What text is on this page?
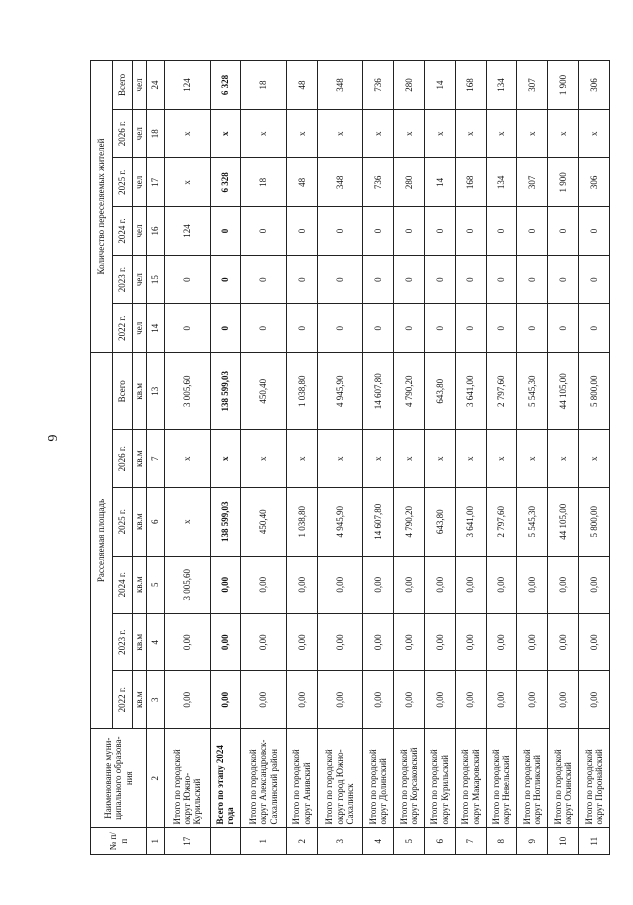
6
№ п/п	Наименование муни-ципального образова-ния	Расселяемая площадь						Количество переселяемых жителей					
		2022 г.	2023 г.	2024 г.	2025 г.	2026 г.	Всего	2022 г.	2023 г.	2024 г.	2025 г.	2026 г.	Всего
		кв.м	кв.м	кв.м	кв.м	кв.м	кв.м	чел	чел	чел	чел	чел	чел
1	2	3	4	5	6	7	13	14	15	16	17	18	24
17	Итого по городской округ Южно-Курильский	0,00	0,00	3 005,60	x	x	3 005,60	0	0	124	x	x	124
	Всего по этапу 2024 года	0,00	0,00	0,00	138 599,03	x	138 599,03	0	0	0	6 328	x	6 328
1	Итого по городской округ Александровск-Сахалинский район	0,00	0,00	0,00	450,40	x	450,40	0	0	0	18	x	18
2	Итого по городской округ Анивский	0,00	0,00	0,00	1 038,80	x	1 038,80	0	0	0	48	x	48
3	Итого по городской округ город Южно-Сахалинск	0,00	0,00	0,00	4 945,90	x	4 945,90	0	0	0	348	x	348
4	Итого по городской округ Долинский	0,00	0,00	0,00	14 607,80	x	14 607,80	0	0	0	736	x	736
5	Итого по городской округ Корсаковский	0,00	0,00	0,00	4 790,20	x	4 790,20	0	0	0	280	x	280
6	Итого по городской округ Курильский	0,00	0,00	0,00	643,80	x	643,80	0	0	0	14	x	14
7	Итого по городской округ Макаровский	0,00	0,00	0,00	3 641,00	x	3 641,00	0	0	0	168	x	168
8	Итого по городской округ Невельский	0,00	0,00	0,00	2 797,60	x	2 797,60	0	0	0	134	x	134
9	Итого по городской округ Ногликский	0,00	0,00	0,00	5 545,30	x	5 545,30	0	0	0	307	x	307
10	Итого по городской округ Охинский	0,00	0,00	0,00	44 105,00	x	44 105,00	0	0	0	1 900	x	1 900
11	Итого по городской округ Поронайский	0,00	0,00	0,00	5 800,00	x	5 800,00	0	0	0	306	x	306
